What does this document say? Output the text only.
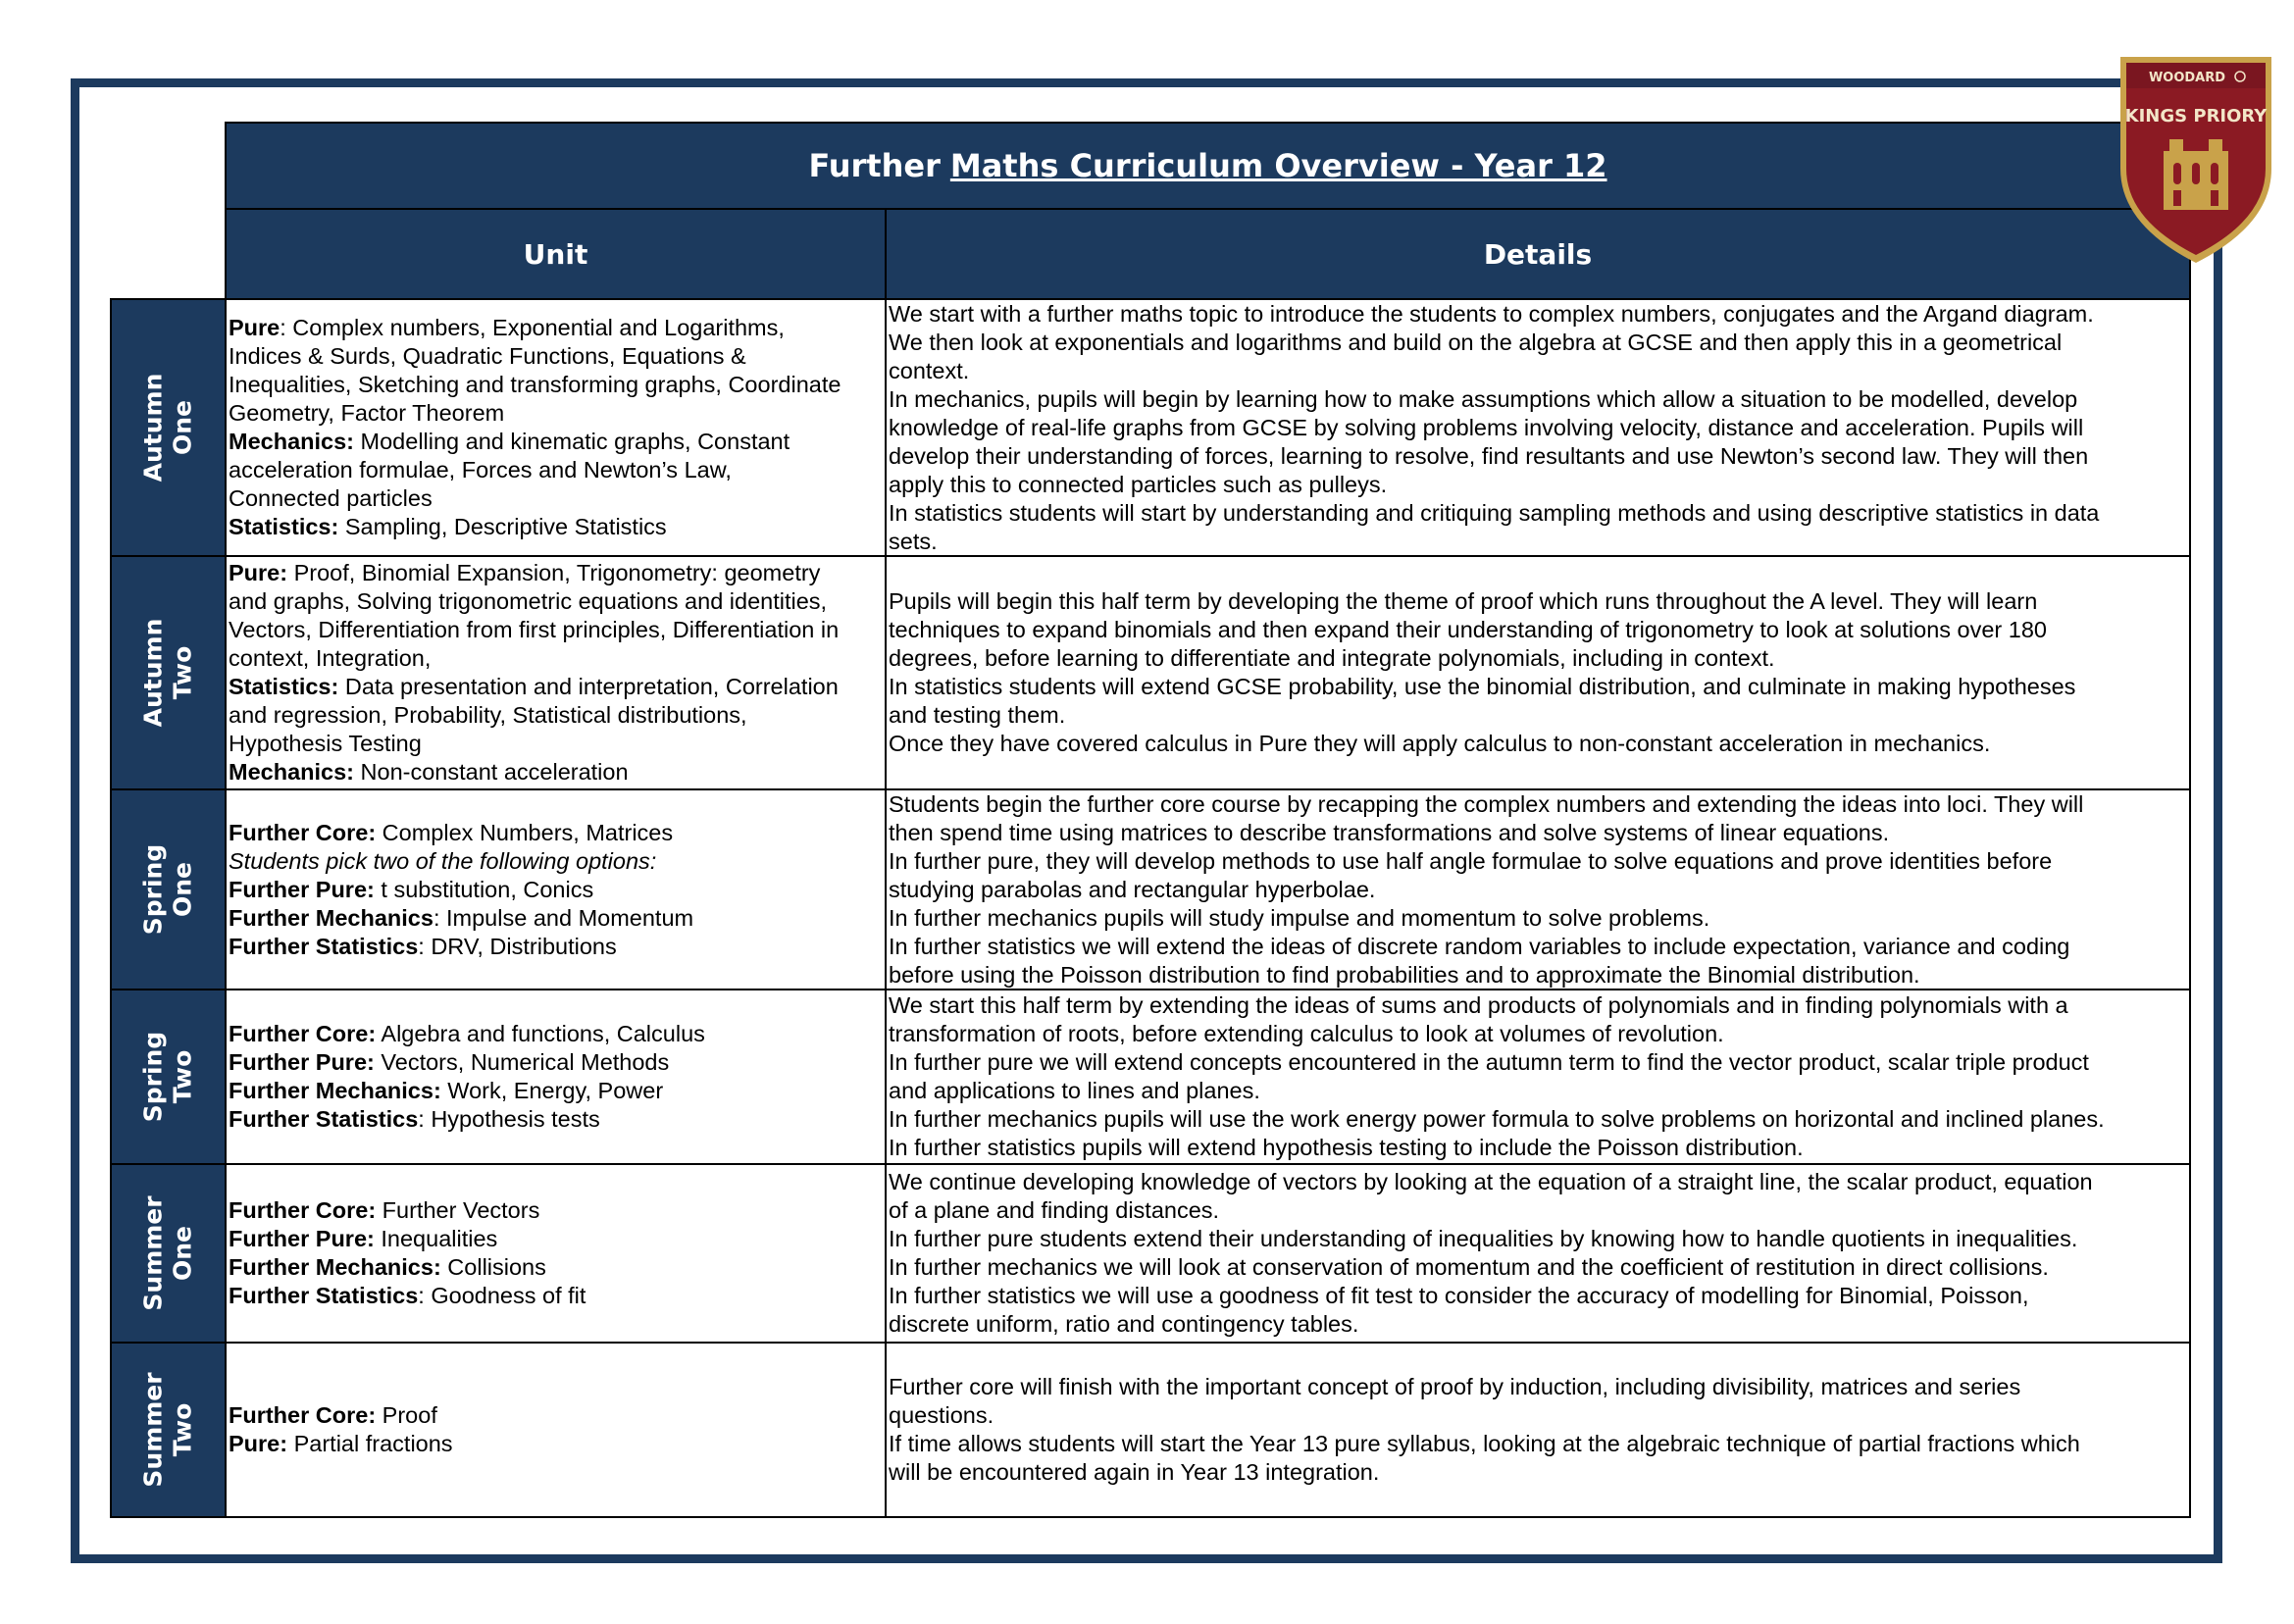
Further Maths Curriculum Overview - Year 12
Unit	Details
Autumn One
Pure: Complex numbers, Exponential and Logarithms,
Indices & Surds, Quadratic Functions, Equations &
Inequalities, Sketching and transforming graphs, Coordinate
Geometry, Factor Theorem
Mechanics: Modelling and kinematic graphs, Constant
acceleration formulae, Forces and Newton’s Law,
Connected particles
Statistics: Sampling, Descriptive Statistics
We start with a further maths topic to introduce the students to complex numbers, conjugates and the Argand diagram.
We then look at exponentials and logarithms and build on the algebra at GCSE and then apply this in a geometrical
context.
In mechanics, pupils will begin by learning how to make assumptions which allow a situation to be modelled, develop
knowledge of real-life graphs from GCSE by solving problems involving velocity, distance and acceleration. Pupils will
develop their understanding of forces, learning to resolve, find resultants and use Newton’s second law. They will then
apply this to connected particles such as pulleys.
In statistics students will start by understanding and critiquing sampling methods and using descriptive statistics in data
sets.
Autumn Two
Pure: Proof, Binomial Expansion, Trigonometry: geometry
and graphs, Solving trigonometric equations and identities,
Vectors, Differentiation from first principles, Differentiation in
context, Integration,
Statistics: Data presentation and interpretation, Correlation
and regression, Probability, Statistical distributions,
Hypothesis Testing
Mechanics: Non-constant acceleration
Pupils will begin this half term by developing the theme of proof which runs throughout the A level. They will learn
techniques to expand binomials and then expand their understanding of trigonometry to look at solutions over 180
degrees, before learning to differentiate and integrate polynomials, including in context.
In statistics students will extend GCSE probability, use the binomial distribution, and culminate in making hypotheses
and testing them.
Once they have covered calculus in Pure they will apply calculus to non-constant acceleration in mechanics.
Spring One
Further Core: Complex Numbers, Matrices
Students pick two of the following options:
Further Pure: t substitution, Conics
Further Mechanics: Impulse and Momentum
Further Statistics: DRV, Distributions
Students begin the further core course by recapping the complex numbers and extending the ideas into loci. They will
then spend time using matrices to describe transformations and solve systems of linear equations.
In further pure, they will develop methods to use half angle formulae to solve equations and prove identities before
studying parabolas and rectangular hyperbolae.
In further mechanics pupils will study impulse and momentum to solve problems.
In further statistics we will extend the ideas of discrete random variables to include expectation, variance and coding
before using the Poisson distribution to find probabilities and to approximate the Binomial distribution.
Spring Two
Further Core: Algebra and functions, Calculus
Further Pure: Vectors, Numerical Methods
Further Mechanics: Work, Energy, Power
Further Statistics: Hypothesis tests
We start this half term by extending the ideas of sums and products of polynomials and in finding polynomials with a
transformation of roots, before extending calculus to look at volumes of revolution.
In further pure we will extend concepts encountered in the autumn term to find the vector product, scalar triple product
and applications to lines and planes.
In further mechanics pupils will use the work energy power formula to solve problems on horizontal and inclined planes.
In further statistics pupils will extend hypothesis testing to include the Poisson distribution.
Summer One
Further Core: Further Vectors
Further Pure: Inequalities
Further Mechanics: Collisions
Further Statistics: Goodness of fit
We continue developing knowledge of vectors by looking at the equation of a straight line, the scalar product, equation
of a plane and finding distances.
In further pure students extend their understanding of inequalities by knowing how to handle quotients in inequalities.
In further mechanics we will look at conservation of momentum and the coefficient of restitution in direct collisions.
In further statistics we will use a goodness of fit test to consider the accuracy of modelling for Binomial, Poisson,
discrete uniform, ratio and contingency tables.
Summer Two Further Core: Proof
Pure: Partial fractions
Further core will finish with the important concept of proof by induction, including divisibility, matrices and series
questions.
If time allows students will start the Year 13 pure syllabus, looking at the algebraic technique of partial fractions which
will be encountered again in Year 13 integration.
WOODARD
KINGS PRIORY
